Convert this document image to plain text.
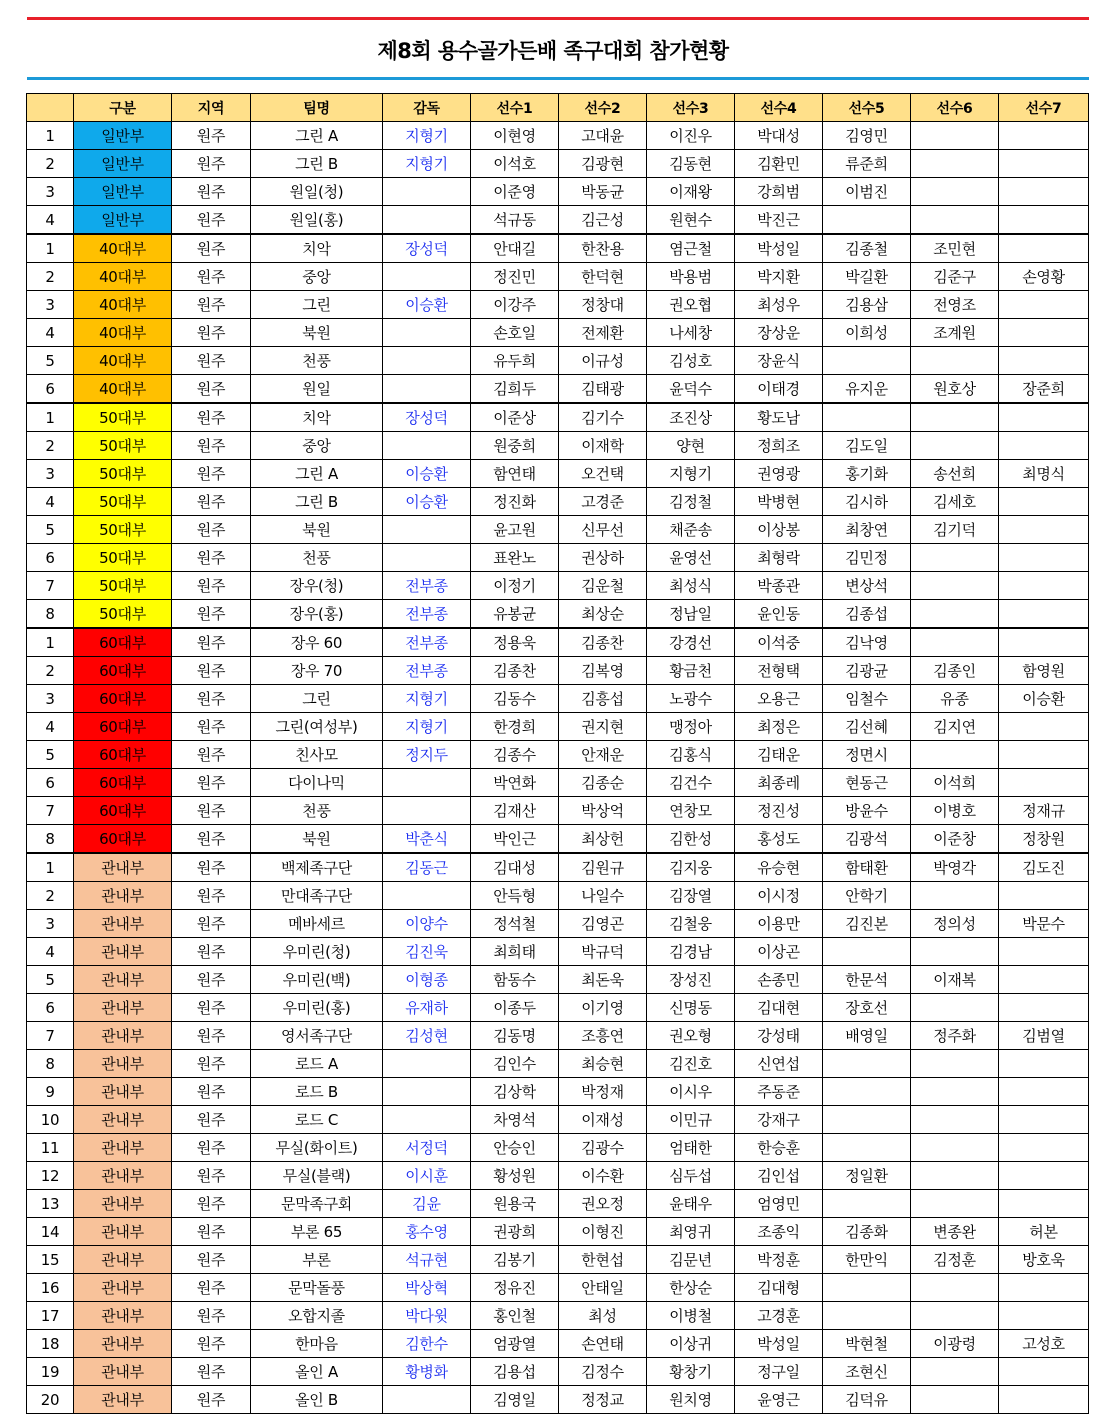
제8회 용수골가든배 족구대회 참가현황
	구분	지역	팀명	감독	선수1	선수2	선수3	선수4	선수5	선수6	선수7
1	일반부	원주	그린 A	지형기	이현영	고대윤	이진우	박대성	김영민		
2	일반부	원주	그린 B	지형기	이석호	김광현	김동현	김환민	류준희		
3	일반부	원주	원일(청)		이준영	박동균	이재왕	강희범	이범진		
4	일반부	원주	원일(홍)		석규동	김근성	원현수	박진근			
1	40대부	원주	치악	장성덕	안대길	한찬용	염근철	박성일	김종철	조민현	
2	40대부	원주	중앙		정진민	한덕현	박용범	박지환	박길환	김준구	손영황
3	40대부	원주	그린	이승환	이강주	정창대	권오협	최성우	김용삼	전영조	
4	40대부	원주	북원		손호일	전제환	나세창	장상운	이희성	조계원	
5	40대부	원주	천풍		유두희	이규성	김성호	장윤식			
6	40대부	원주	원일		김희두	김태광	윤덕수	이태경	유지운	원호상	장준희
1	50대부	원주	치악	장성덕	이준상	김기수	조진상	황도남			
2	50대부	원주	중앙		원중희	이재학	양현	정희조	김도일		
3	50대부	원주	그린 A	이승환	함연태	오건택	지형기	권영광	홍기화	송선희	최명식
4	50대부	원주	그린 B	이승환	정진화	고경준	김정철	박병현	김시하	김세호	
5	50대부	원주	북원		윤고원	신무선	채준송	이상봉	최창연	김기덕	
6	50대부	원주	천풍		표완노	권상하	윤영선	최형락	김민정		
7	50대부	원주	장우(청)	전부종	이정기	김운철	최성식	박종관	변상석		
8	50대부	원주	장우(홍)	전부종	유봉균	최상순	정남일	윤인동	김종섭		
1	60대부	원주	장우 60	전부종	정용욱	김종찬	강경선	이석중	김낙영		
2	60대부	원주	장우 70	전부종	김종찬	김복영	황금천	전형택	김광균	김종인	함영원
3	60대부	원주	그린	지형기	김동수	김흥섭	노광수	오용근	임철수	유종	이승환
4	60대부	원주	그린(여성부)	지형기	한경희	권지현	맹정아	최정은	김선혜	김지연	
5	60대부	원주	친사모	정지두	김종수	안재운	김홍식	김태운	정면시		
6	60대부	원주	다이나믹		박연화	김종순	김건수	최종레	현동근	이석희	
7	60대부	원주	천풍		김재산	박상억	연창모	정진성	방윤수	이병호	정재규
8	60대부	원주	북원	박춘식	박인근	최상헌	김한성	홍성도	김광석	이준창	정창원
1	관내부	원주	백제족구단	김동근	김대성	김원규	김지웅	유승현	함태환	박영각	김도진
2	관내부	원주	만대족구단		안득형	나일수	김장열	이시정	안학기		
3	관내부	원주	메바세르	이양수	정석철	김영곤	김철웅	이용만	김진본	정의성	박문수
4	관내부	원주	우미린(청)	김진욱	최희태	박규덕	김경남	이상곤			
5	관내부	원주	우미린(백)	이형종	함동수	최돈욱	장성진	손종민	한문석	이재복	
6	관내부	원주	우미린(홍)	유재하	이종두	이기영	신명동	김대현	장호선		
7	관내부	원주	영서족구단	김성현	김동명	조흥연	권오형	강성태	배영일	정주화	김범열
8	관내부	원주	로드 A		김인수	최승현	김진호	신연섭			
9	관내부	원주	로드 B		김상학	박정재	이시우	주동준			
10	관내부	원주	로드 C		차영석	이재성	이민규	강재구			
11	관내부	원주	무실(화이트)	서정덕	안승인	김광수	엄태한	한승훈			
12	관내부	원주	무실(블랙)	이시훈	황성원	이수환	심두섭	김인섭	정일환		
13	관내부	원주	문막족구회	김윤	원용국	권오정	윤태우	엄영민			
14	관내부	원주	부론 65	홍수영	권광희	이형진	최영귀	조종익	김종화	변종완	허본
15	관내부	원주	부론	석규현	김봉기	한현섭	김문년	박정훈	한만익	김정훈	방호욱
16	관내부	원주	문막돌풍	박상혁	정유진	안태일	한상순	김대형			
17	관내부	원주	오합지졸	박다윗	홍인철	최성	이병철	고경훈			
18	관내부	원주	한마음	김한수	엄광열	손연태	이상귀	박성일	박현철	이광령	고성호
19	관내부	원주	올인 A	황병화	김용섭	김정수	황창기	정구일	조현신		
20	관내부	원주	올인 B		김영일	정정교	원치영	윤영근	김덕유		
